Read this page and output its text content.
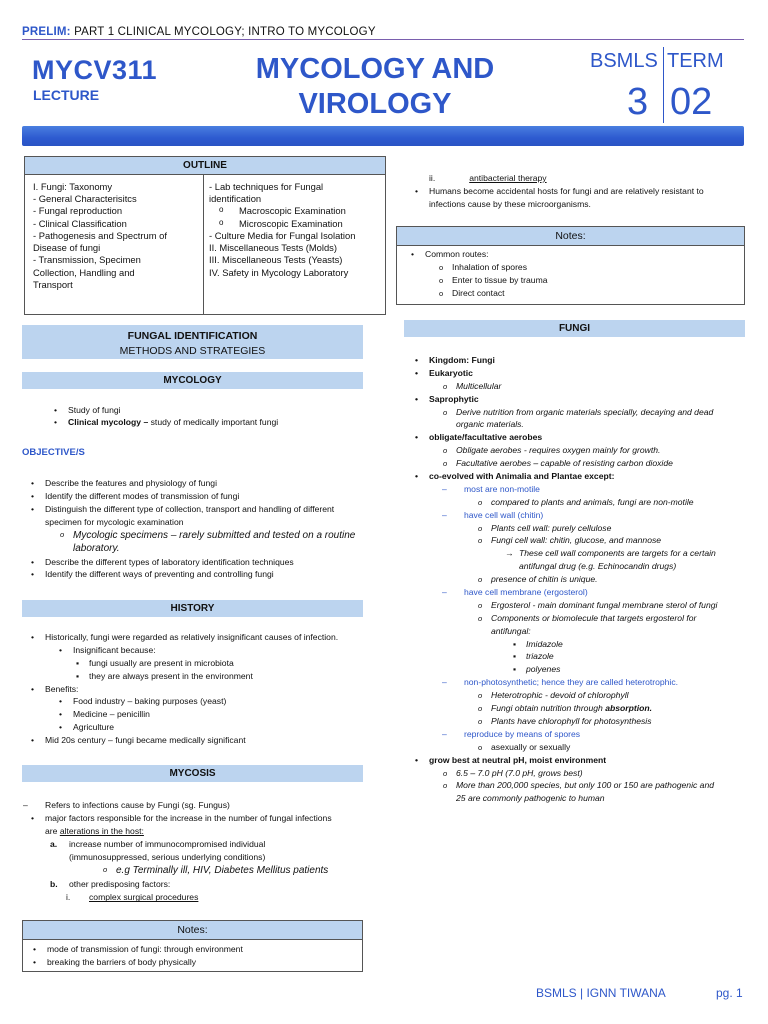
PRELIM: PART 1 CLINICAL MYCOLOGY; INTRO TO MYCOLOGY
MYCV311
LECTURE
MYCOLOGY AND
VIROLOGY
BSMLS TERM
3 02
OUTLINE
I. Fungi: Taxonomy
- General Characterisitcs
- Fungal reproduction
- Clinical Classification
- Pathogenesis and Spectrum of
Disease of fungi
- Transmission, Specimen
Collection, Handling and
Transport
- Lab techniques for Fungal
identification
o Macroscopic Examination
o Microscopic Examination
- Culture Media for Fungal Isolation
II. Miscellaneous Tests (Molds)
III. Miscellaneous Tests (Yeasts)
IV. Safety in Mycology Laboratory
FUNGAL IDENTIFICATION
METHODS AND STRATEGIES
MYCOLOGY
• Study of fungi
• Clinical mycology – study of medically important fungi
OBJECTIVE/S
• Describe the features and physiology of fungi
• Identify the different modes of transmission of fungi
• Distinguish the different type of collection, transport and handling of different
specimen for mycologic examination
o Mycologic specimens – rarely submitted and tested on a routine
laboratory.
• Describe the different types of laboratory identification techniques
• Identify the different ways of preventing and controlling fungi
HISTORY
• Historically, fungi were regarded as relatively insignificant causes of infection.
• Insignificant because:
▪ fungi usually are present in microbiota
▪ they are always present in the environment
• Benefits:
• Food industry – baking purposes (yeast)
• Medicine – penicillin
• Agriculture
• Mid 20s century – fungi became medically significant
MYCOSIS
– Refers to infections cause by Fungi (sg. Fungus)
• major factors responsible for the increase in the number of fungal infections
are alterations in the host:
a. increase number of immunocompromised individual
(immunosuppressed, serious underlying conditions)
o e.g Terminally ill, HIV, Diabetes Mellitus patients
b. other predisposing factors:
i. complex surgical procedures
Notes:
• mode of transmission of fungi: through environment
• breaking the barriers of body physically
ii.	antibacterial therapy
• Humans become accidental hosts for fungi and are relatively resistant to
infections cause by these microorganisms.
Notes:
• Common routes:
o Inhalation of spores
o Enter to tissue by trauma
o Direct contact
FUNGI
• Kingdom: Fungi
• Eukaryotic
o Multicellular
• Saprophytic
o Derive nutrition from organic materials specially, decaying and dead
organic materials.
• obligate/facultative aerobes
o Obligate aerobes - requires oxygen mainly for growth.
o Facultative aerobes – capable of resisting carbon dioxide
• co-evolved with Animalia and Plantae except:
– most are non-motile
o compared to plants and animals, fungi are non-motile
– have cell wall (chitin)
o Plants cell wall: purely cellulose
o Fungi cell wall: chitin, glucose, and mannose
→ These cell wall components are targets for a certain
antifungal drug (e.g. Echinocandin drugs)
o presence of chitin is unique.
– have cell membrane (ergosterol)
o Ergosterol - main dominant fungal membrane sterol of fungi
o Components or biomolecule that targets ergosterol for
antifungal:
▪ Imidazole
▪ triazole
▪ polyenes
– non-photosynthetic; hence they are called heterotrophic.
o Heterotrophic - devoid of chlorophyll
o Fungi obtain nutrition through absorption.
o Plants have chlorophyll for photosynthesis
– reproduce by means of spores
o asexually or sexually
• grow best at neutral pH, moist environment
o 6.5 – 7.0 pH (7.0 pH, grows best)
o More than 200,000 species, but only 100 or 150 are pathogenic and
25 are commonly pathogenic to human
BSMLS | IGNN TIWANA	pg. 1
